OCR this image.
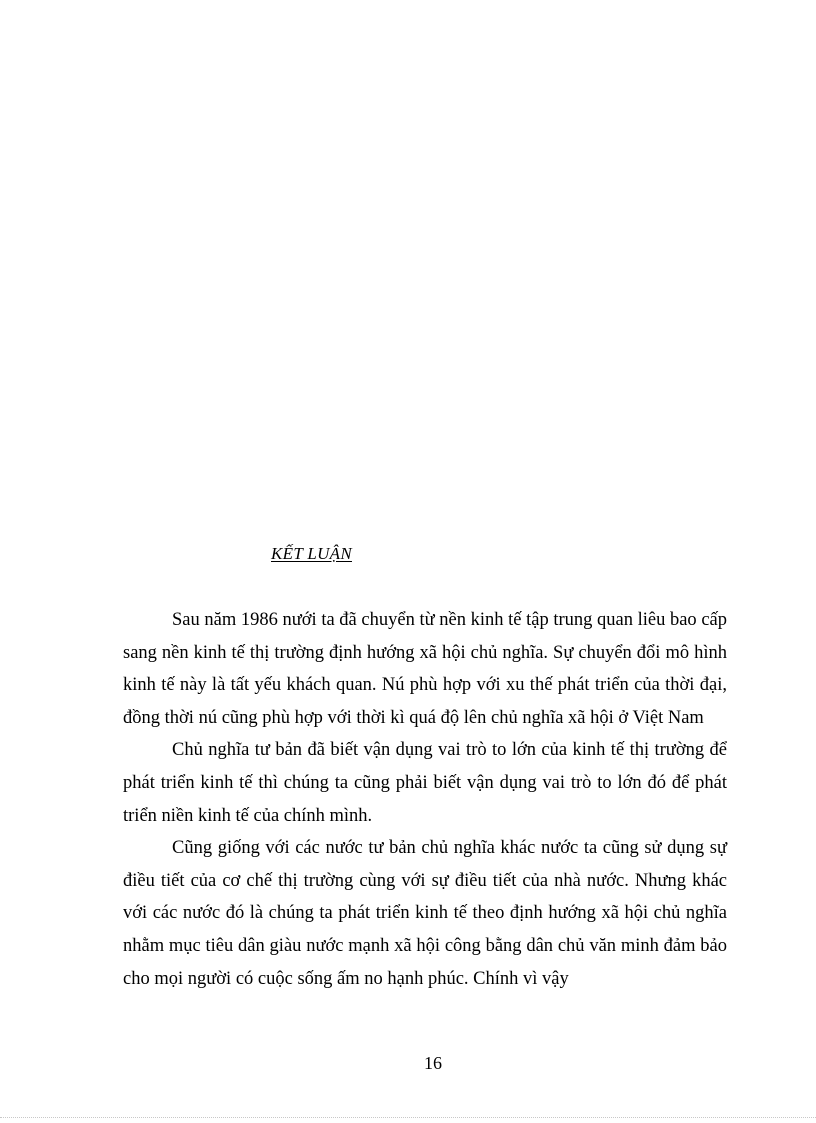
KẾT LUẬN

Sau năm 1986 nưới ta đã chuyển từ nền kinh tế tập trung quan liêu bao cấp sang nền kinh tế thị trường định hướng xã hội chủ nghĩa. Sự chuyển đổi mô hình kinh tế này là tất yếu khách quan. Nú phù hợp với xu thế phát triển của thời đại, đồng thời nú cũng phù hợp với thời kì quá độ lên chủ nghĩa xã hội ở Việt Nam

Chủ nghĩa tư bản đã biết vận dụng vai trò to lớn của kinh tế thị trường để phát triển kinh tế thì chúng ta cũng phải biết vận dụng vai trò to lớn đó để phát triển niền kinh tế của chính mình.

Cũng giống với các nước tư bản chủ nghĩa khác nước ta cũng sử dụng sự điều tiết của cơ chế thị trường cùng với sự điều tiết của nhà nước. Nhưng khác với các nước đó là chúng ta phát triển kinh tế theo định hướng xã hội chủ nghĩa nhằm mục tiêu dân giàu nước mạnh xã hội công bằng dân chủ văn minh đảm bảo cho mọi người có cuộc sống ấm no hạnh phúc. Chính vì vậy

16
